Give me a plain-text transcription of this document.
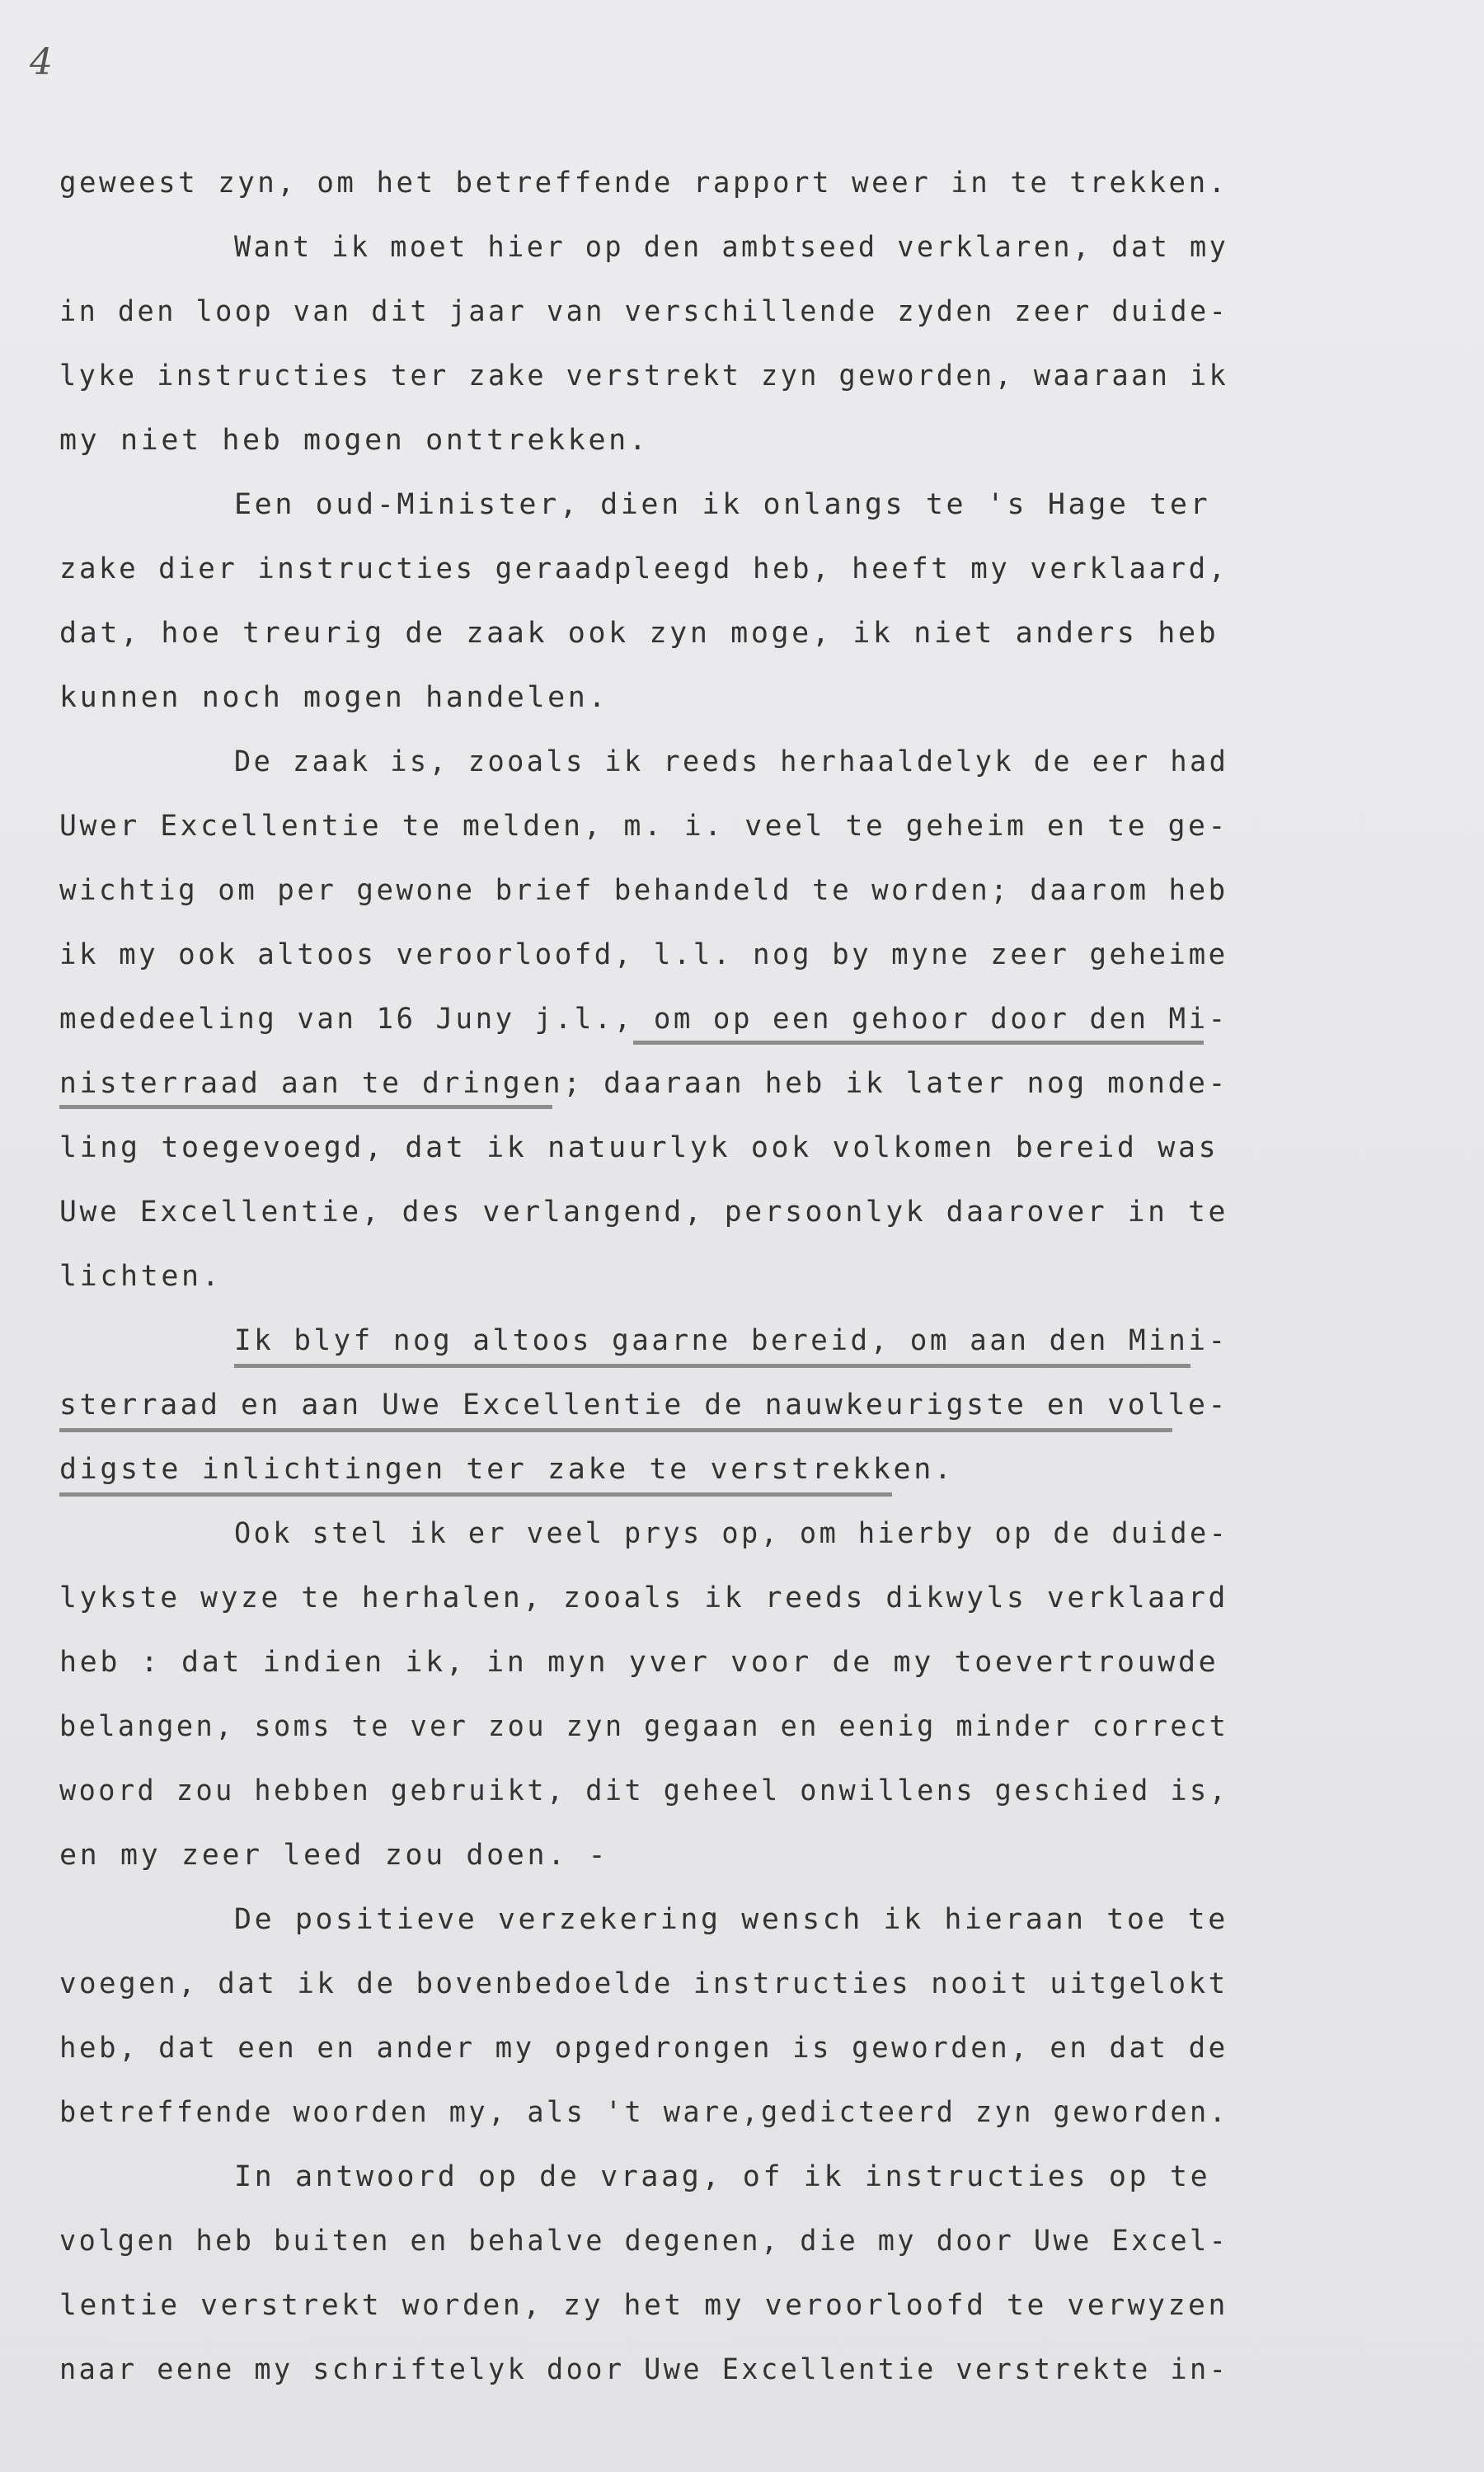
4
geweest zyn, om het betreffende rapport weer in te trekken.
Want ik moet hier op den ambtseed verklaren, dat my
in den loop van dit jaar van verschillende zyden zeer duide-
lyke instructies ter zake verstrekt zyn geworden, waaraan ik
my niet heb mogen onttrekken.
Een oud-Minister, dien ik onlangs te 's Hage ter
zake dier instructies geraadpleegd heb, heeft my verklaard,
dat, hoe treurig de zaak ook zyn moge, ik niet anders heb
kunnen noch mogen handelen.
De zaak is, zooals ik reeds herhaaldelyk de eer had
Uwer Excellentie te melden, m. i. veel te geheim en te ge-
wichtig om per gewone brief behandeld te worden; daarom heb
ik my ook altoos veroorloofd, l.l. nog by myne zeer geheime
mededeeling van 16 Juny j.l., om op een gehoor door den Mi-
nisterraad aan te dringen; daaraan heb ik later nog monde-
ling toegevoegd, dat ik natuurlyk ook volkomen bereid was
Uwe Excellentie, des verlangend, persoonlyk daarover in te
lichten.
Ik blyf nog altoos gaarne bereid, om aan den Mini-
sterraad en aan Uwe Excellentie de nauwkeurigste en volle-
digste inlichtingen ter zake te verstrekken.
Ook stel ik er veel prys op, om hierby op de duide-
lykste wyze te herhalen, zooals ik reeds dikwyls verklaard
heb : dat indien ik, in myn yver voor de my toevertrouwde
belangen, soms te ver zou zyn gegaan en eenig minder correct
woord zou hebben gebruikt, dit geheel onwillens geschied is,
en my zeer leed zou doen. -
De positieve verzekering wensch ik hieraan toe te
voegen, dat ik de bovenbedoelde instructies nooit uitgelokt
heb, dat een en ander my opgedrongen is geworden, en dat de
betreffende woorden my, als 't ware,gedicteerd zyn geworden.
In antwoord op de vraag, of ik instructies op te
volgen heb buiten en behalve degenen, die my door Uwe Excel-
lentie verstrekt worden, zy het my veroorloofd te verwyzen
naar eene my schriftelyk door Uwe Excellentie verstrekte in-
